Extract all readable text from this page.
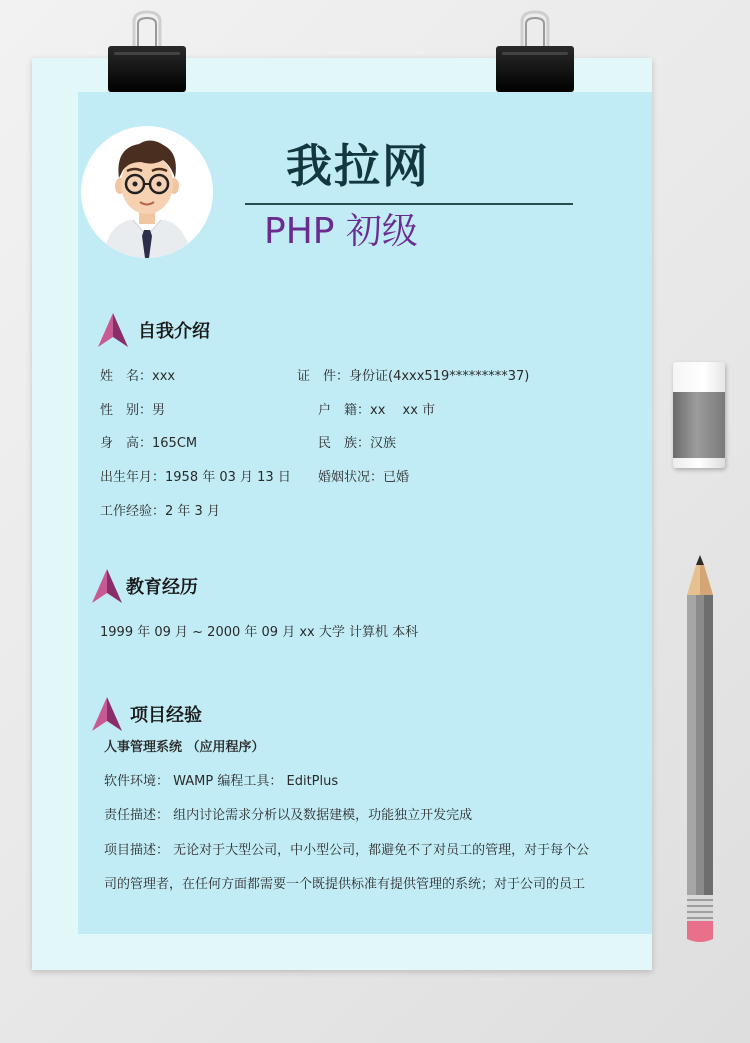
我拉网
PHP 初级
自我介绍
姓　名：xxx
性　别：男
身　高：165CM
出生年月：1958 年 03 月 13 日
工作经验：2 年 3 月
证　件：身份证(4xxx519*********37)
户　籍：xx　 xx 市
民　族：汉族
婚姻状况：已婚
教育经历
1999 年 09 月 ~ 2000 年 09 月 xx 大学 计算机 本科
项目经验
人事管理系统 （应用程序）
软件环境： WAMP 编程工具： EditPlus
责任描述： 组内讨论需求分析以及数据建模，功能独立开发完成
项目描述： 无论对于大型公司，中小型公司，都避免不了对员工的管理，对于每个公
司的管理者，在任何方面都需要一个既提供标准有提供管理的系统；对于公司的员工
